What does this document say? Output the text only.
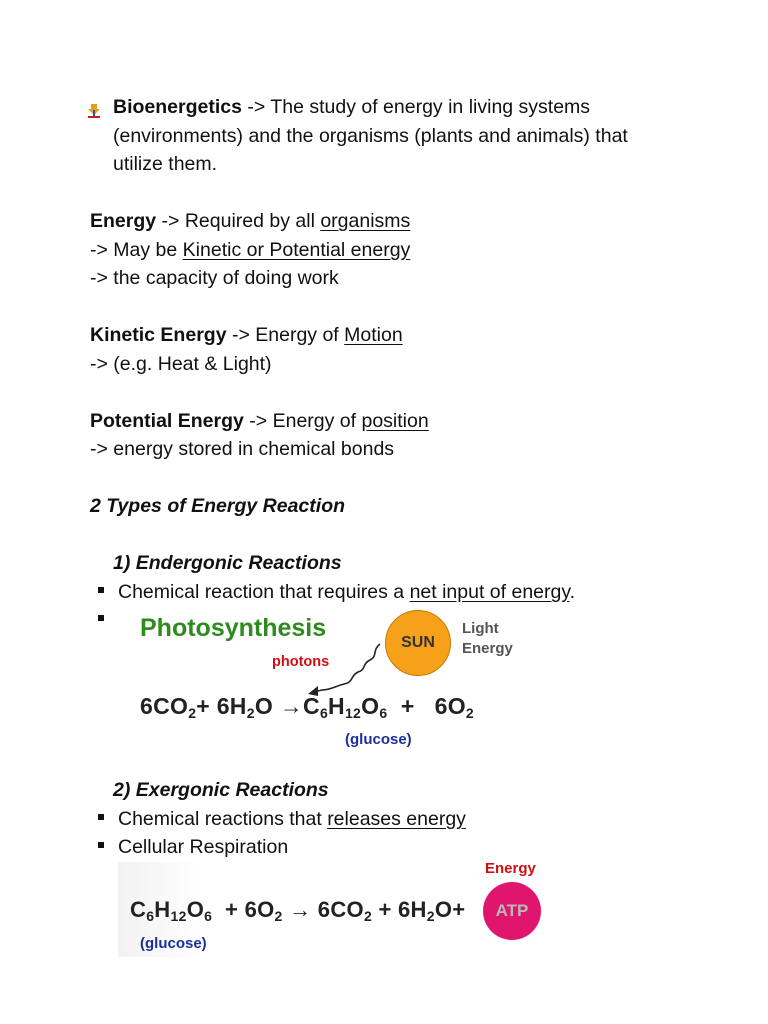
Bioenergetics -> The study of energy in living systems
(environments) and the organisms (plants and animals) that
utilize them.
Energy -> Required by all organisms
-> May be Kinetic or Potential energy
-> the capacity of doing work
Kinetic Energy -> Energy of Motion
-> (e.g. Heat & Light)
Potential Energy -> Energy of position
-> energy stored in chemical bonds
2 Types of Energy Reaction
1) Endergonic Reactions
Chemical reaction that requires a net input of energy.
Photosynthesis
SUN
Light
Energy
photons
$6CO_2+ 6H_2O \to C_6H_{12}O_6 + 6O_2$
(glucose)
2) Exergonic Reactions
Chemical reactions that releases energy
Cellular Respiration
Energy
$C_6H_{12}O_6 + 6O_2 \to 6CO_2 + 6H_2O+$	ATP
(glucose)
